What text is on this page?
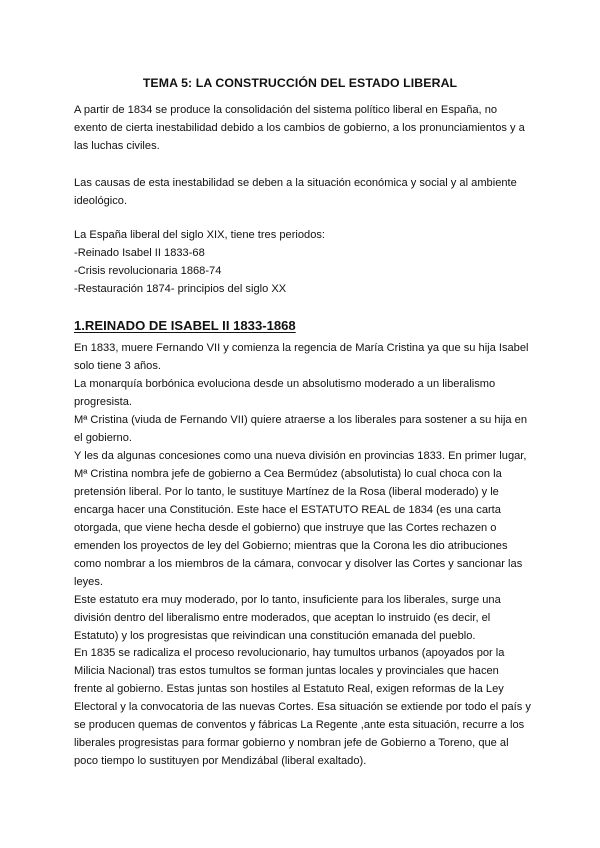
TEMA 5: LA CONSTRUCCIÓN DEL ESTADO LIBERAL

A partir de 1834 se produce la consolidación del sistema político liberal en España, no
exento de cierta inestabilidad debido a los cambios de gobierno, a los pronunciamientos y a
las luchas civiles.

Las causas de esta inestabilidad se deben a la situación económica y social y al ambiente
ideológico.

La España liberal del siglo XIX, tiene tres periodos:
-Reinado Isabel II 1833-68
-Crisis revolucionaria 1868-74
-Restauración 1874- principios del siglo XX

1.REINADO DE ISABEL II 1833-1868

En 1833, muere Fernando VII y comienza la regencia de María Cristina ya que su hija Isabel
solo tiene 3 años.
La monarquía borbónica evoluciona desde un absolutismo moderado a un liberalismo
progresista.
Mª Cristina (viuda de Fernando VII) quiere atraerse a los liberales para sostener a su hija en
el gobierno.
Y les da algunas concesiones como una nueva división en provincias 1833. En primer lugar,
Mª Cristina nombra jefe de gobierno a Cea Bermúdez (absolutista) lo cual choca con la
pretensión liberal. Por lo tanto, le sustituye Martínez de la Rosa (liberal moderado) y le
encarga hacer una Constitución. Este hace el ESTATUTO REAL de 1834 (es una carta
otorgada, que viene hecha desde el gobierno) que instruye que las Cortes rechazen o
emenden los proyectos de ley del Gobierno; mientras que la Corona les dio atribuciones
como nombrar a los miembros de la cámara, convocar y disolver las Cortes y sancionar las
leyes.
Este estatuto era muy moderado, por lo tanto, insuficiente para los liberales, surge una
división dentro del liberalismo entre moderados, que aceptan lo instruido (es decir, el
Estatuto) y los progresistas que reivindican una constitución emanada del pueblo.

En 1835 se radicaliza el proceso revolucionario, hay tumultos urbanos (apoyados por la
Milicia Nacional) tras estos tumultos se forman juntas locales y provinciales que hacen
frente al gobierno. Estas juntas son hostiles al Estatuto Real, exigen reformas de la Ley
Electoral y la convocatoria de las nuevas Cortes. Esa situación se extiende por todo el país y
se producen quemas de conventos y fábricas La Regente ,ante esta situación, recurre a los
liberales progresistas para formar gobierno y nombran jefe de Gobierno a Toreno, que al
poco tiempo lo sustituyen por Mendizábal (liberal exaltado).
